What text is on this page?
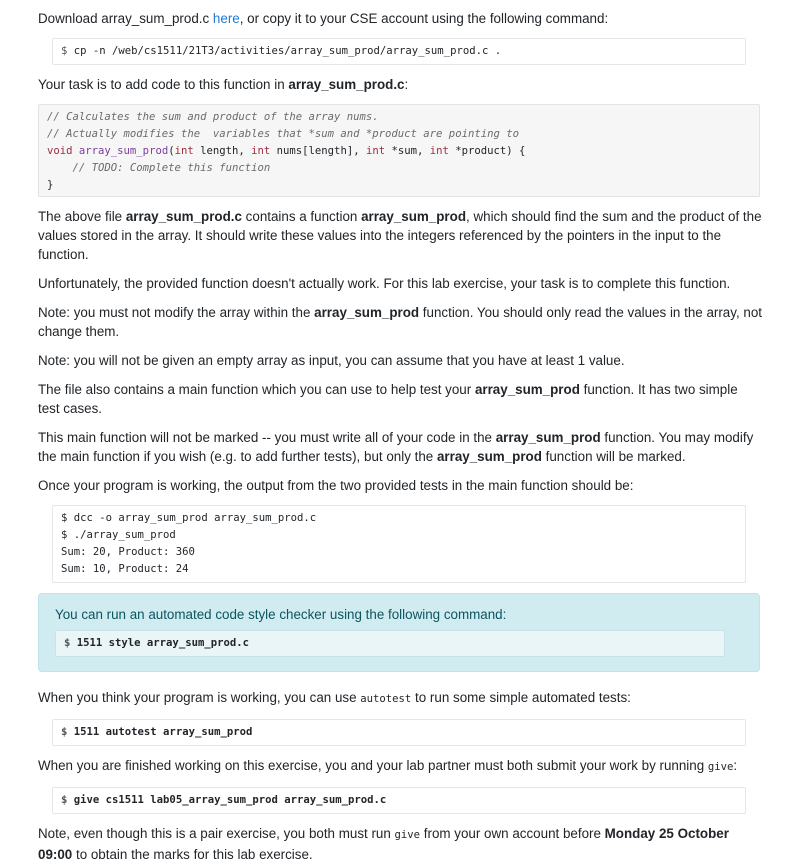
Download array_sum_prod.c here, or copy it to your CSE account using the following command:

$ cp -n /web/cs1511/21T3/activities/array_sum_prod/array_sum_prod.c .

Your task is to add code to this function in array_sum_prod.c:

// Calculates the sum and product of the array nums.
// Actually modifies the  variables that *sum and *product are pointing to
void array_sum_prod(int length, int nums[length], int *sum, int *product) {
// TODO: Complete this function
}

The above file array_sum_prod.c contains a function array_sum_prod, which should find the sum and the product of the values stored in the array. It should write these values into the integers referenced by the pointers in the input to the function.

Unfortunately, the provided function doesn't actually work. For this lab exercise, your task is to complete this function.

Note: you must not modify the array within the array_sum_prod function. You should only read the values in the array, not change them.

Note: you will not be given an empty array as input, you can assume that you have at least 1 value.

The file also contains a main function which you can use to help test your array_sum_prod function. It has two simple test cases.

This main function will not be marked -- you must write all of your code in the array_sum_prod function. You may modify the main function if you wish (e.g. to add further tests), but only the array_sum_prod function will be marked.

Once your program is working, the output from the two provided tests in the main function should be:

$ dcc -o array_sum_prod array_sum_prod.c
$ ./array_sum_prod
Sum: 20, Product: 360
Sum: 10, Product: 24

You can run an automated code style checker using the following command:

$ 1511 style array_sum_prod.c

When you think your program is working, you can use autotest to run some simple automated tests:

$ 1511 autotest array_sum_prod

When you are finished working on this exercise, you and your lab partner must both submit your work by running give:

$ give cs1511 lab05_array_sum_prod array_sum_prod.c

Note, even though this is a pair exercise, you both must run give from your own account before Monday 25 October 09:00 to obtain the marks for this lab exercise.
